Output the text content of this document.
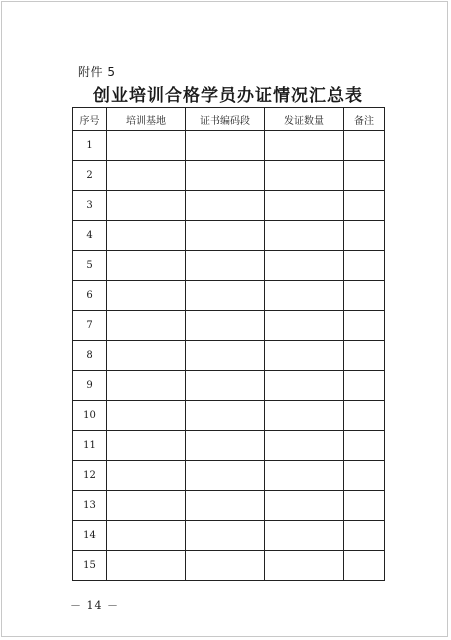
附件 5
创业培训合格学员办证情况汇总表
序号	培训基地	证书编码段	发证数量	备注
1				
2				
3				
4				
5				
6				
7				
8				
9				
10				
11				
12				
13				
14				
15				
－ 14 －
